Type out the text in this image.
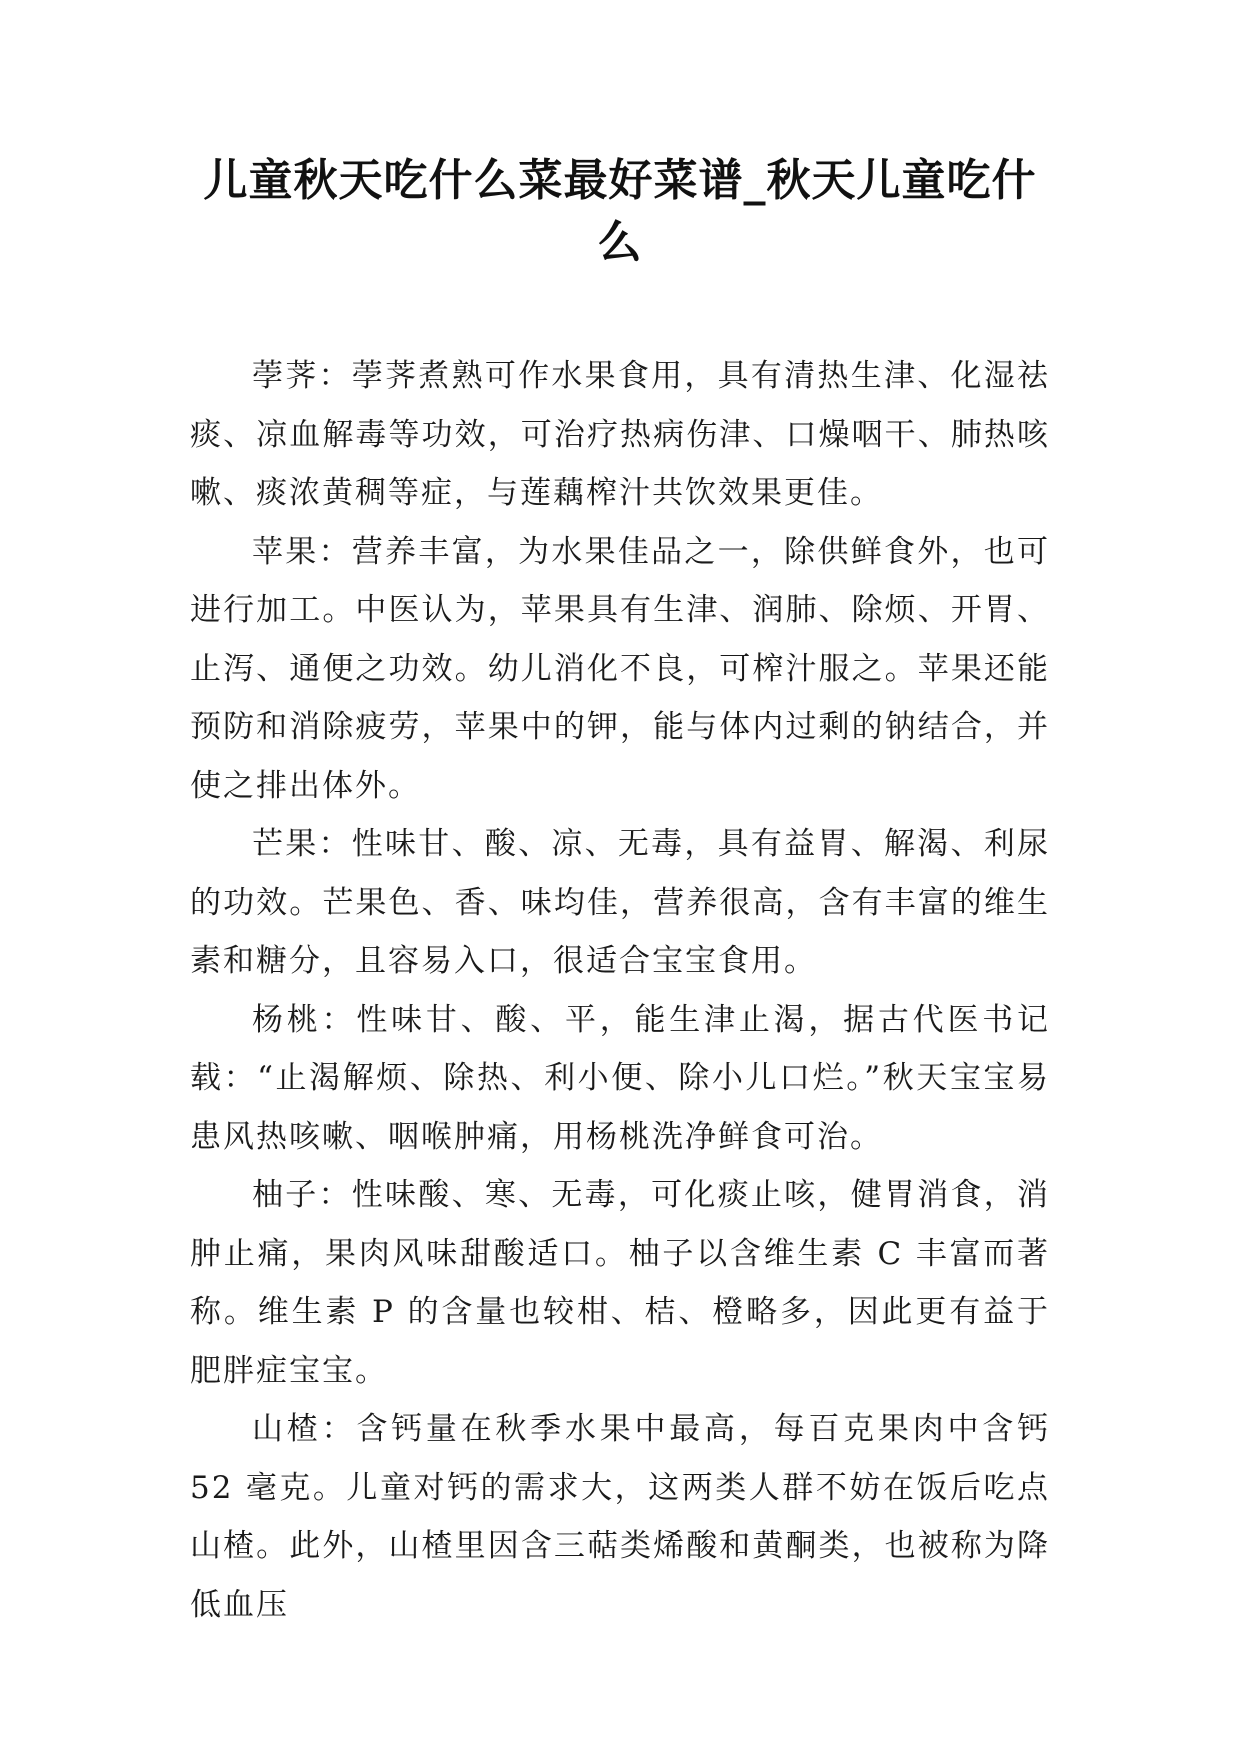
儿童秋天吃什么菜最好菜谱_秋天儿童吃什么

荸荠：荸荠煮熟可作水果食用，具有清热生津、化湿祛痰、凉血解毒等功效，可治疗热病伤津、口燥咽干、肺热咳嗽、痰浓黄稠等症，与莲藕榨汁共饮效果更佳。

苹果：营养丰富，为水果佳品之一，除供鲜食外，也可进行加工。中医认为，苹果具有生津、润肺、除烦、开胃、止泻、通便之功效。幼儿消化不良，可榨汁服之。苹果还能预防和消除疲劳，苹果中的钾，能与体内过剩的钠结合，并使之排出体外。

芒果：性味甘、酸、凉、无毒，具有益胃、解渴、利尿的功效。芒果色、香、味均佳，营养很高，含有丰富的维生素和糖分，且容易入口，很适合宝宝食用。

杨桃：性味甘、酸、平，能生津止渴，据古代医书记载：“止渴解烦、除热、利小便、除小儿口烂。”秋天宝宝易患风热咳嗽、咽喉肿痛，用杨桃洗净鲜食可治。

柚子：性味酸、寒、无毒，可化痰止咳，健胃消食，消肿止痛，果肉风味甜酸适口。柚子以含维生素 C 丰富而著称。维生素 P 的含量也较柑、桔、橙略多，因此更有益于肥胖症宝宝。

山楂：含钙量在秋季水果中最高，每百克果肉中含钙 52 毫克。儿童对钙的需求大，这两类人群不妨在饭后吃点山楂。此外，山楂里因含三萜类烯酸和黄酮类，也被称为降低血压
